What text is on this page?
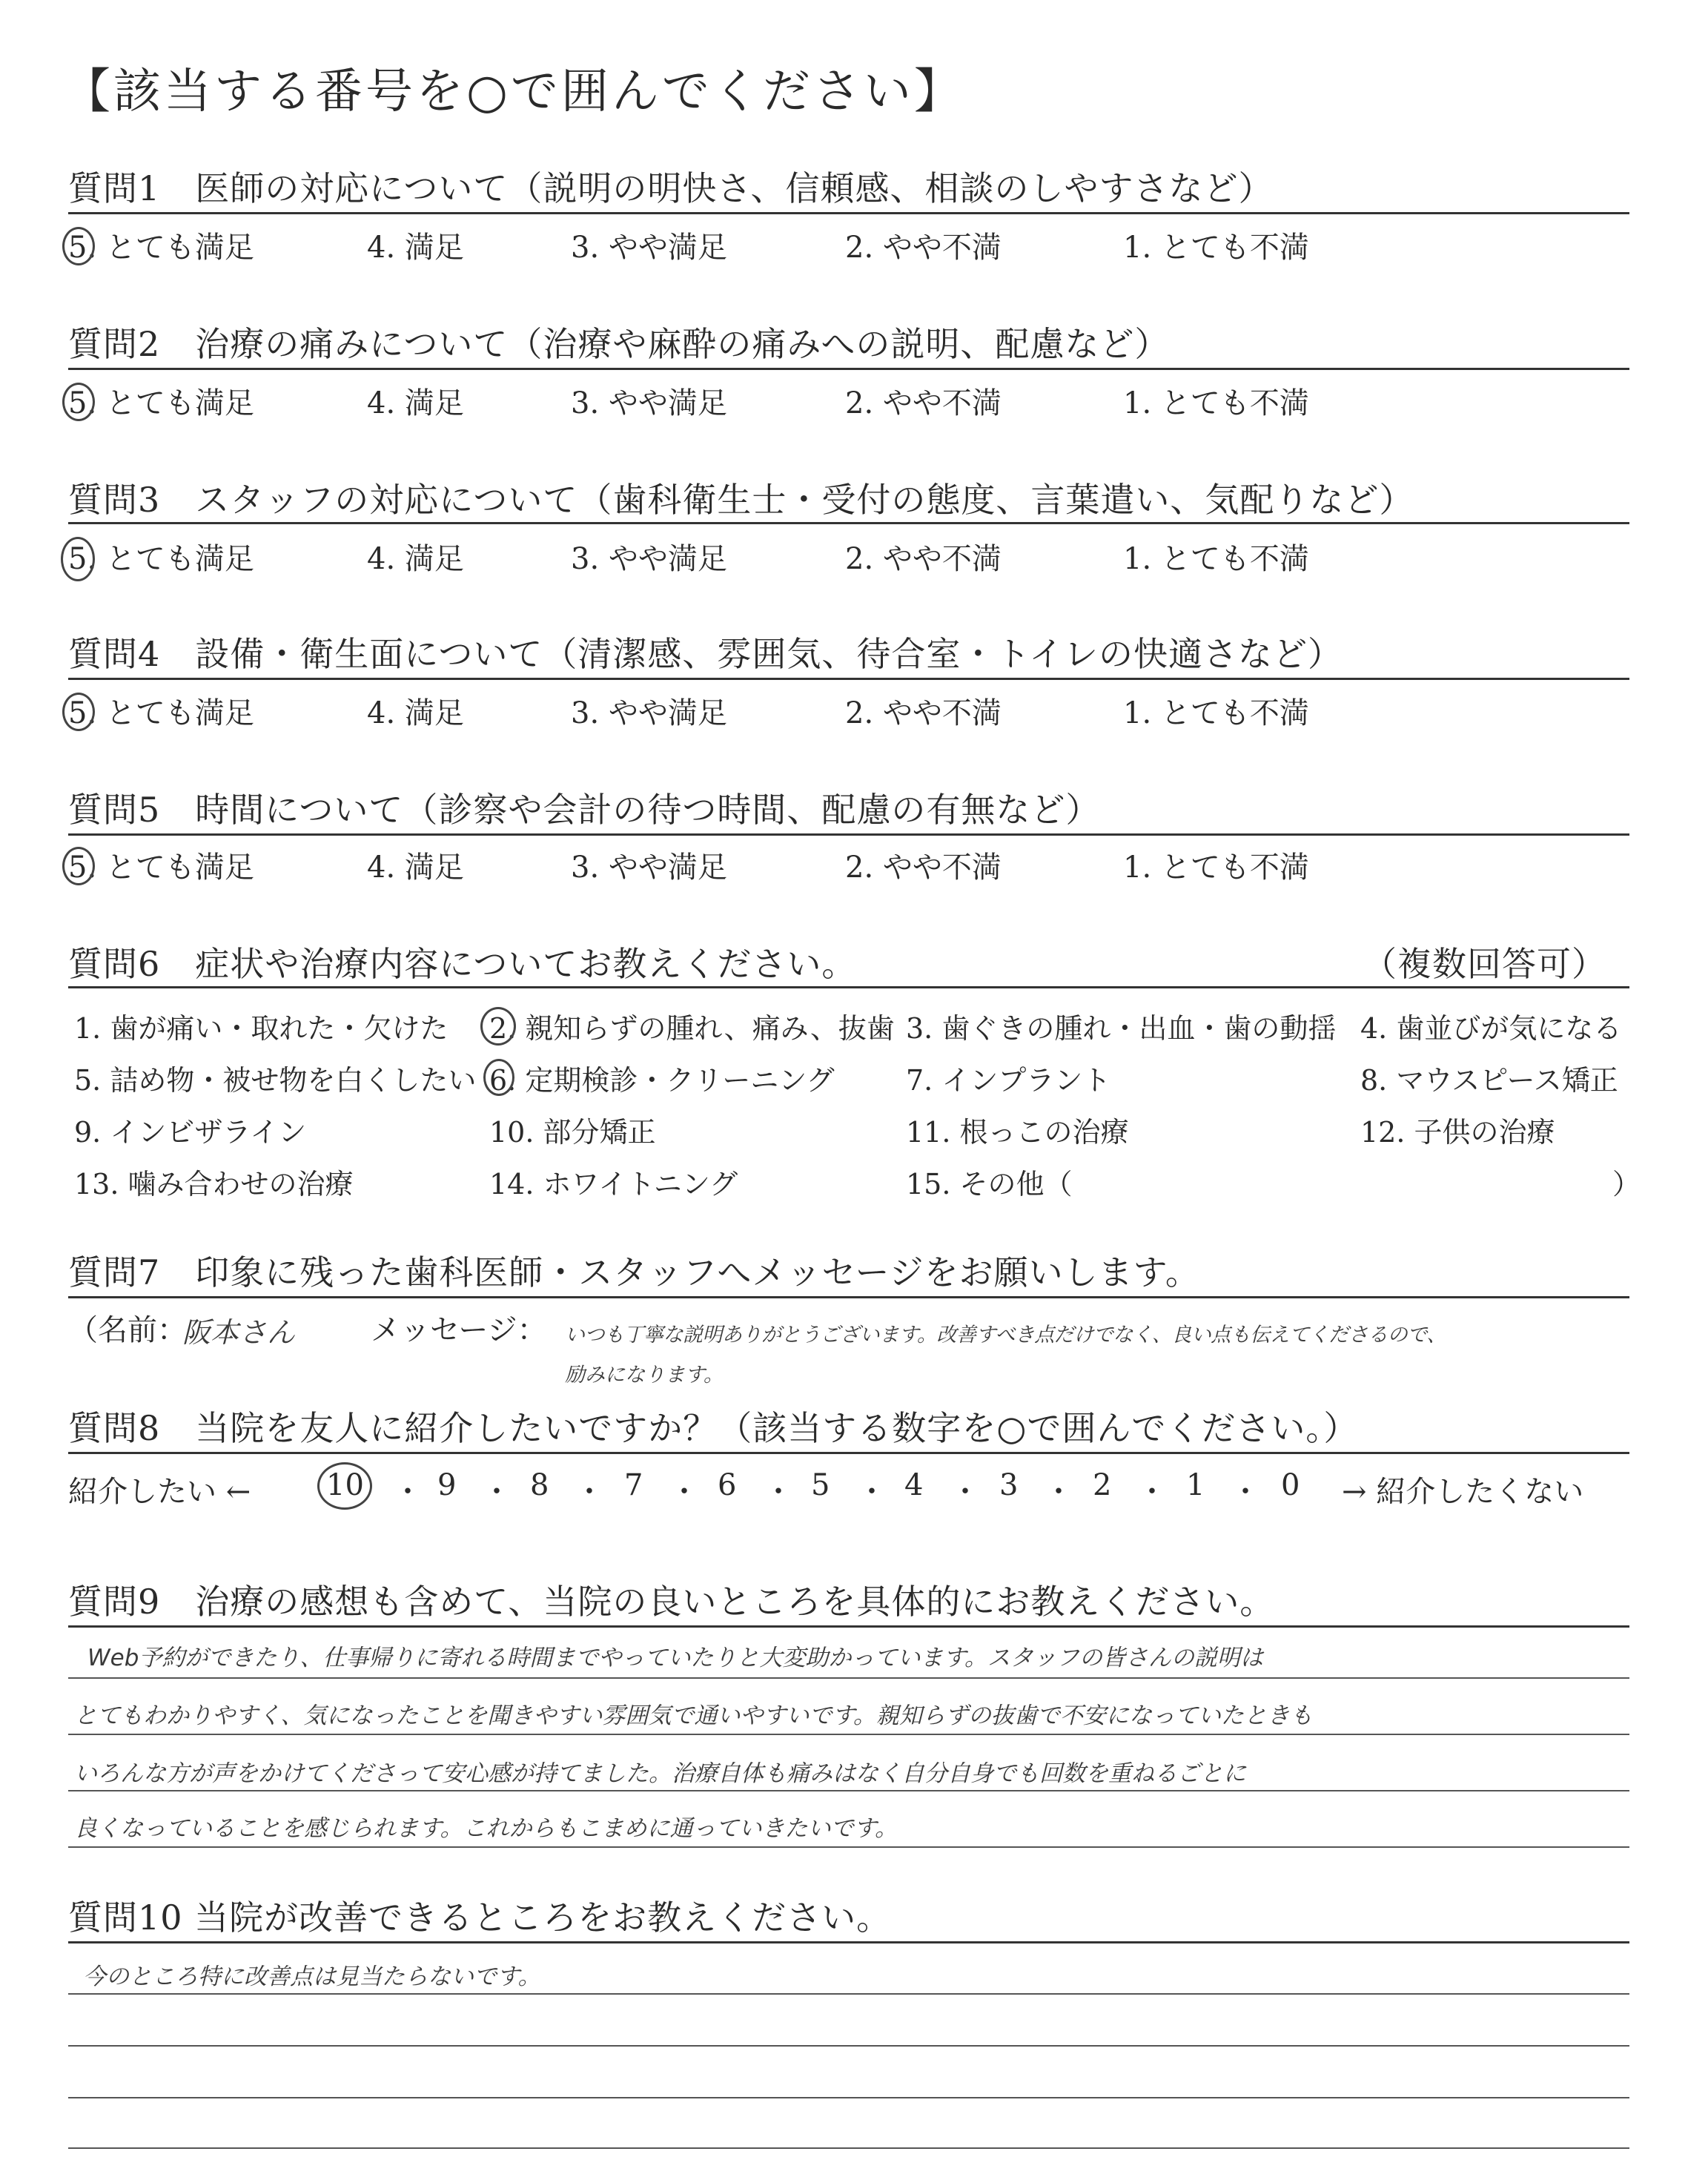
【該当する番号を○で囲んでください】
質問1　医師の対応について（説明の明快さ、信頼感、相談のしやすさなど）
5. とても満足	4. 満足	3. やや満足	2. やや不満	1. とても不満
質問2　治療の痛みについて（治療や麻酔の痛みへの説明、配慮など）
5. とても満足	4. 満足	3. やや満足	2. やや不満	1. とても不満
質問3　スタッフの対応について（歯科衛生士・受付の態度、言葉遣い、気配りなど）
5. とても満足	4. 満足	3. やや満足	2. やや不満	1. とても不満
質問4　設備・衛生面について（清潔感、雰囲気、待合室・トイレの快適さなど）
5. とても満足	4. 満足	3. やや満足	2. やや不満	1. とても不満
質問5　時間について（診察や会計の待つ時間、配慮の有無など）
5. とても満足	4. 満足	3. やや満足	2. やや不満	1. とても不満
質問6　症状や治療内容についてお教えください。	（複数回答可）
1. 歯が痛い・取れた・欠けた 2. 親知らずの腫れ、痛み、抜歯 3. 歯ぐきの腫れ・出血・歯の動揺 4. 歯並びが気になる
5. 詰め物・被せ物を白くしたい 6. 定期検診・クリーニング	7. インプラント	8. マウスピース矯正
9. インビザライン	10. 部分矯正	11. 根っこの治療	12. 子供の治療
13. 噛み合わせの治療	14. ホワイトニング	15. その他（	）
質問7　印象に残った歯科医師・スタッフへメッセージをお願いします。
（名前：
阪本さん	メッセージ： いつも丁寧な説明ありがとうございます。改善すべき点だけでなく、良い点も伝えてくださるので、
励みになります。
質問8　当院を友人に紹介したいですか？（該当する数字を○で囲んでください。）
紹介したい ←	10 ・ 9 ・ 8 ・ 7 ・ 6 ・ 5 ・ 4 ・ 3 ・ 2 ・ 1 ・ 0 → 紹介したくない
質問9　治療の感想も含めて、当院の良いところを具体的にお教えください。
Web予約ができたり、仕事帰りに寄れる時間までやっていたりと大変助かっています。スタッフの皆さんの説明は
とてもわかりやすく、気になったことを聞きやすい雰囲気で通いやすいです。親知らずの抜歯で不安になっていたときも
いろんな方が声をかけてくださって安心感が持てました。治療自体も痛みはなく自分自身でも回数を重ねるごとに
良くなっていることを感じられます。これからもこまめに通っていきたいです。
質問10 当院が改善できるところをお教えください。
今のところ特に改善点は見当たらないです。
